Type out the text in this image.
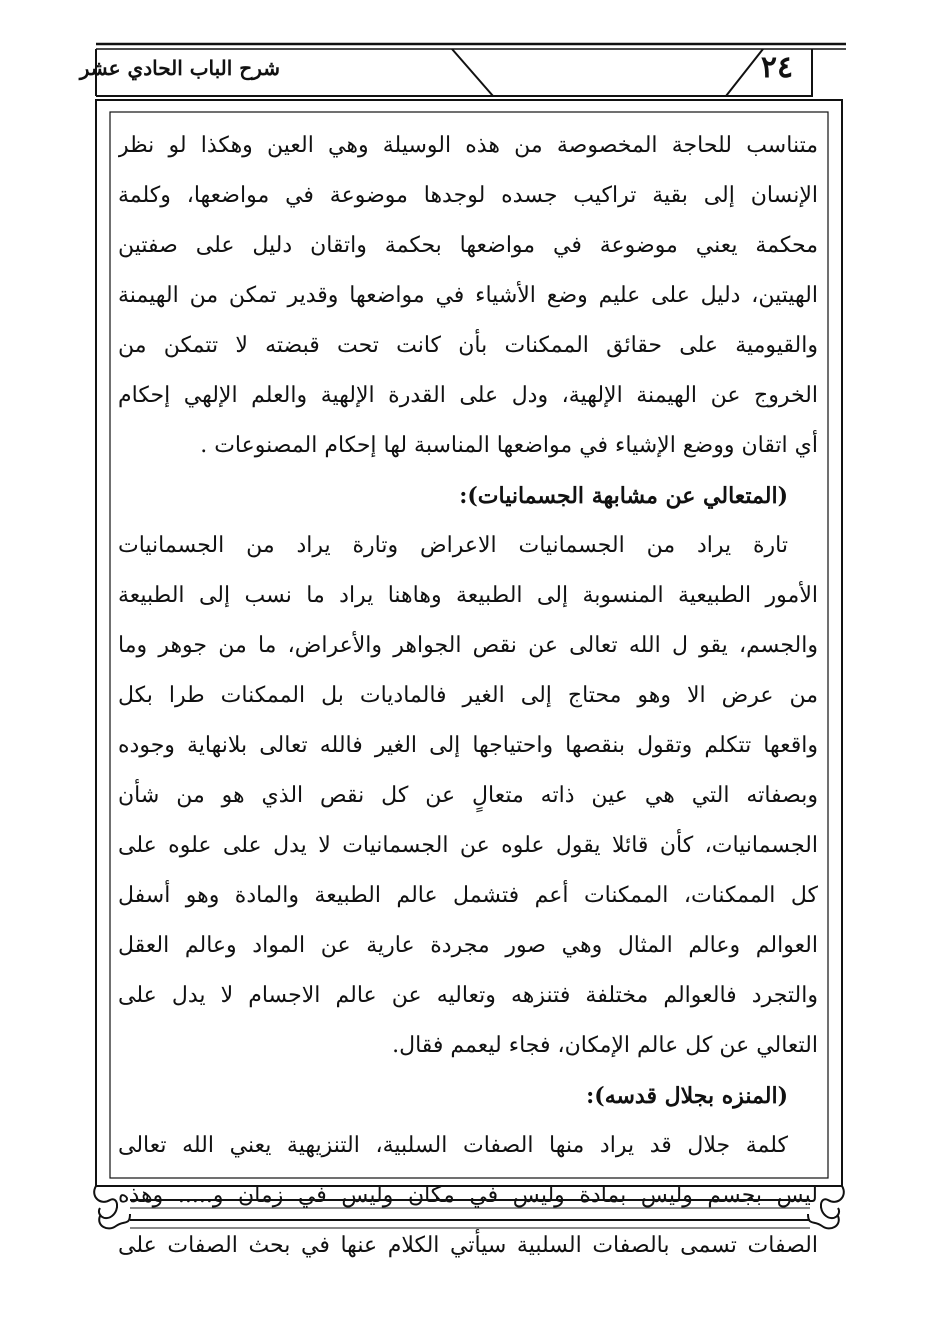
٢٤
شرح الباب الحادي عشر
متناسب للحاجة المخصوصة من هذه الوسيلة وهي العين وهكذا لو نظر
الإنسان إلى بقية تراكيب جسده لوجدها موضوعة في مواضعها، وكلمة
محكمة يعني موضوعة في مواضعها بحكمة واتقان دليل على صفتين
الهيتين، دليل على عليم وضع الأشياء في مواضعها وقدير تمكن من الهيمنة
والقيومية على حقائق الممكنات بأن كانت تحت قبضته لا تتمكن من
الخروج عن الهيمنة الإلهية، ودل على القدرة الإلهية والعلم الإلهي إحكام
أي اتقان ووضع الإشياء في مواضعها المناسبة لها إحكام المصنوعات .
(المتعالي عن مشابهة الجسمانيات):
تارة يراد من الجسمانيات الاعراض وتارة يراد من الجسمانيات
الأمور الطبيعية المنسوبة إلى الطبيعة وهاهنا يراد ما نسب إلى الطبيعة
والجسم، يقو ل الله تعالى عن نقص الجواهر والأعراض، ما من جوهر وما
من عرض الا وهو محتاج إلى الغير فالماديات بل الممكنات طرا بكل
واقعها تتكلم وتقول بنقصها واحتياجها إلى الغير فالله تعالى بلانهاية وجوده
وبصفاته التي هي عين ذاته متعالٍ عن كل نقص الذي هو من شأن
الجسمانيات، كأن قائلا يقول علوه عن الجسمانيات لا يدل على علوه على
كل الممكنات، الممكنات أعم فتشمل عالم الطبيعة والمادة وهو أسفل
العوالم وعالم المثال وهي صور مجردة عارية عن المواد وعالم العقل
والتجرد فالعوالم مختلفة فتنزهه وتعاليه عن عالم الاجسام لا يدل على
التعالي عن كل عالم الإمكان، فجاء ليعمم فقال.
(المنزه بجلال قدسه):
كلمة جلال قد يراد منها الصفات السلبية، التنزيهية يعني الله تعالى
ليس بجسم وليس بمادة وليس في مكان وليس في زمان و..... وهذه
الصفات تسمى بالصفات السلبية سيأتي الكلام عنها في بحث الصفات على
